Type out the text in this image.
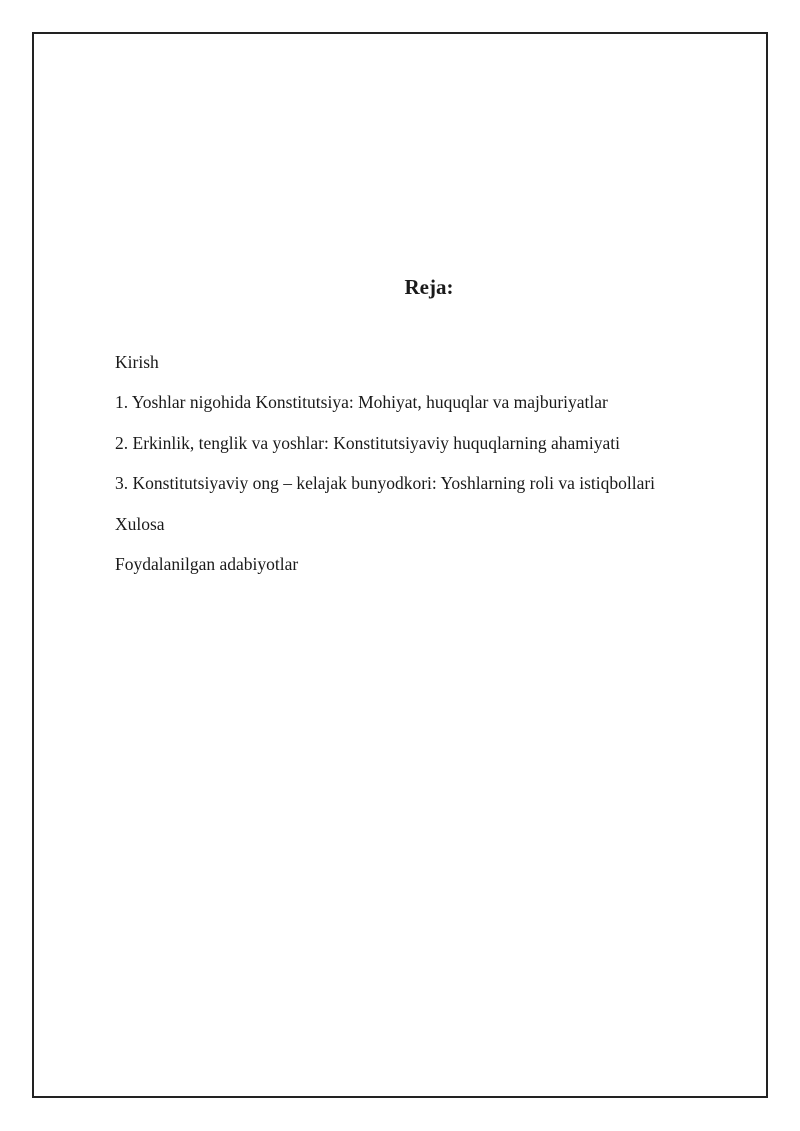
Reja:
Kirish
1. Yoshlar nigohida Konstitutsiya: Mohiyat, huquqlar va majburiyatlar
2. Erkinlik, tenglik va yoshlar: Konstitutsiyaviy huquqlarning ahamiyati
3. Konstitutsiyaviy ong – kelajak bunyodkori: Yoshlarning roli va istiqbollari
Xulosa
Foydalanilgan adabiyotlar
